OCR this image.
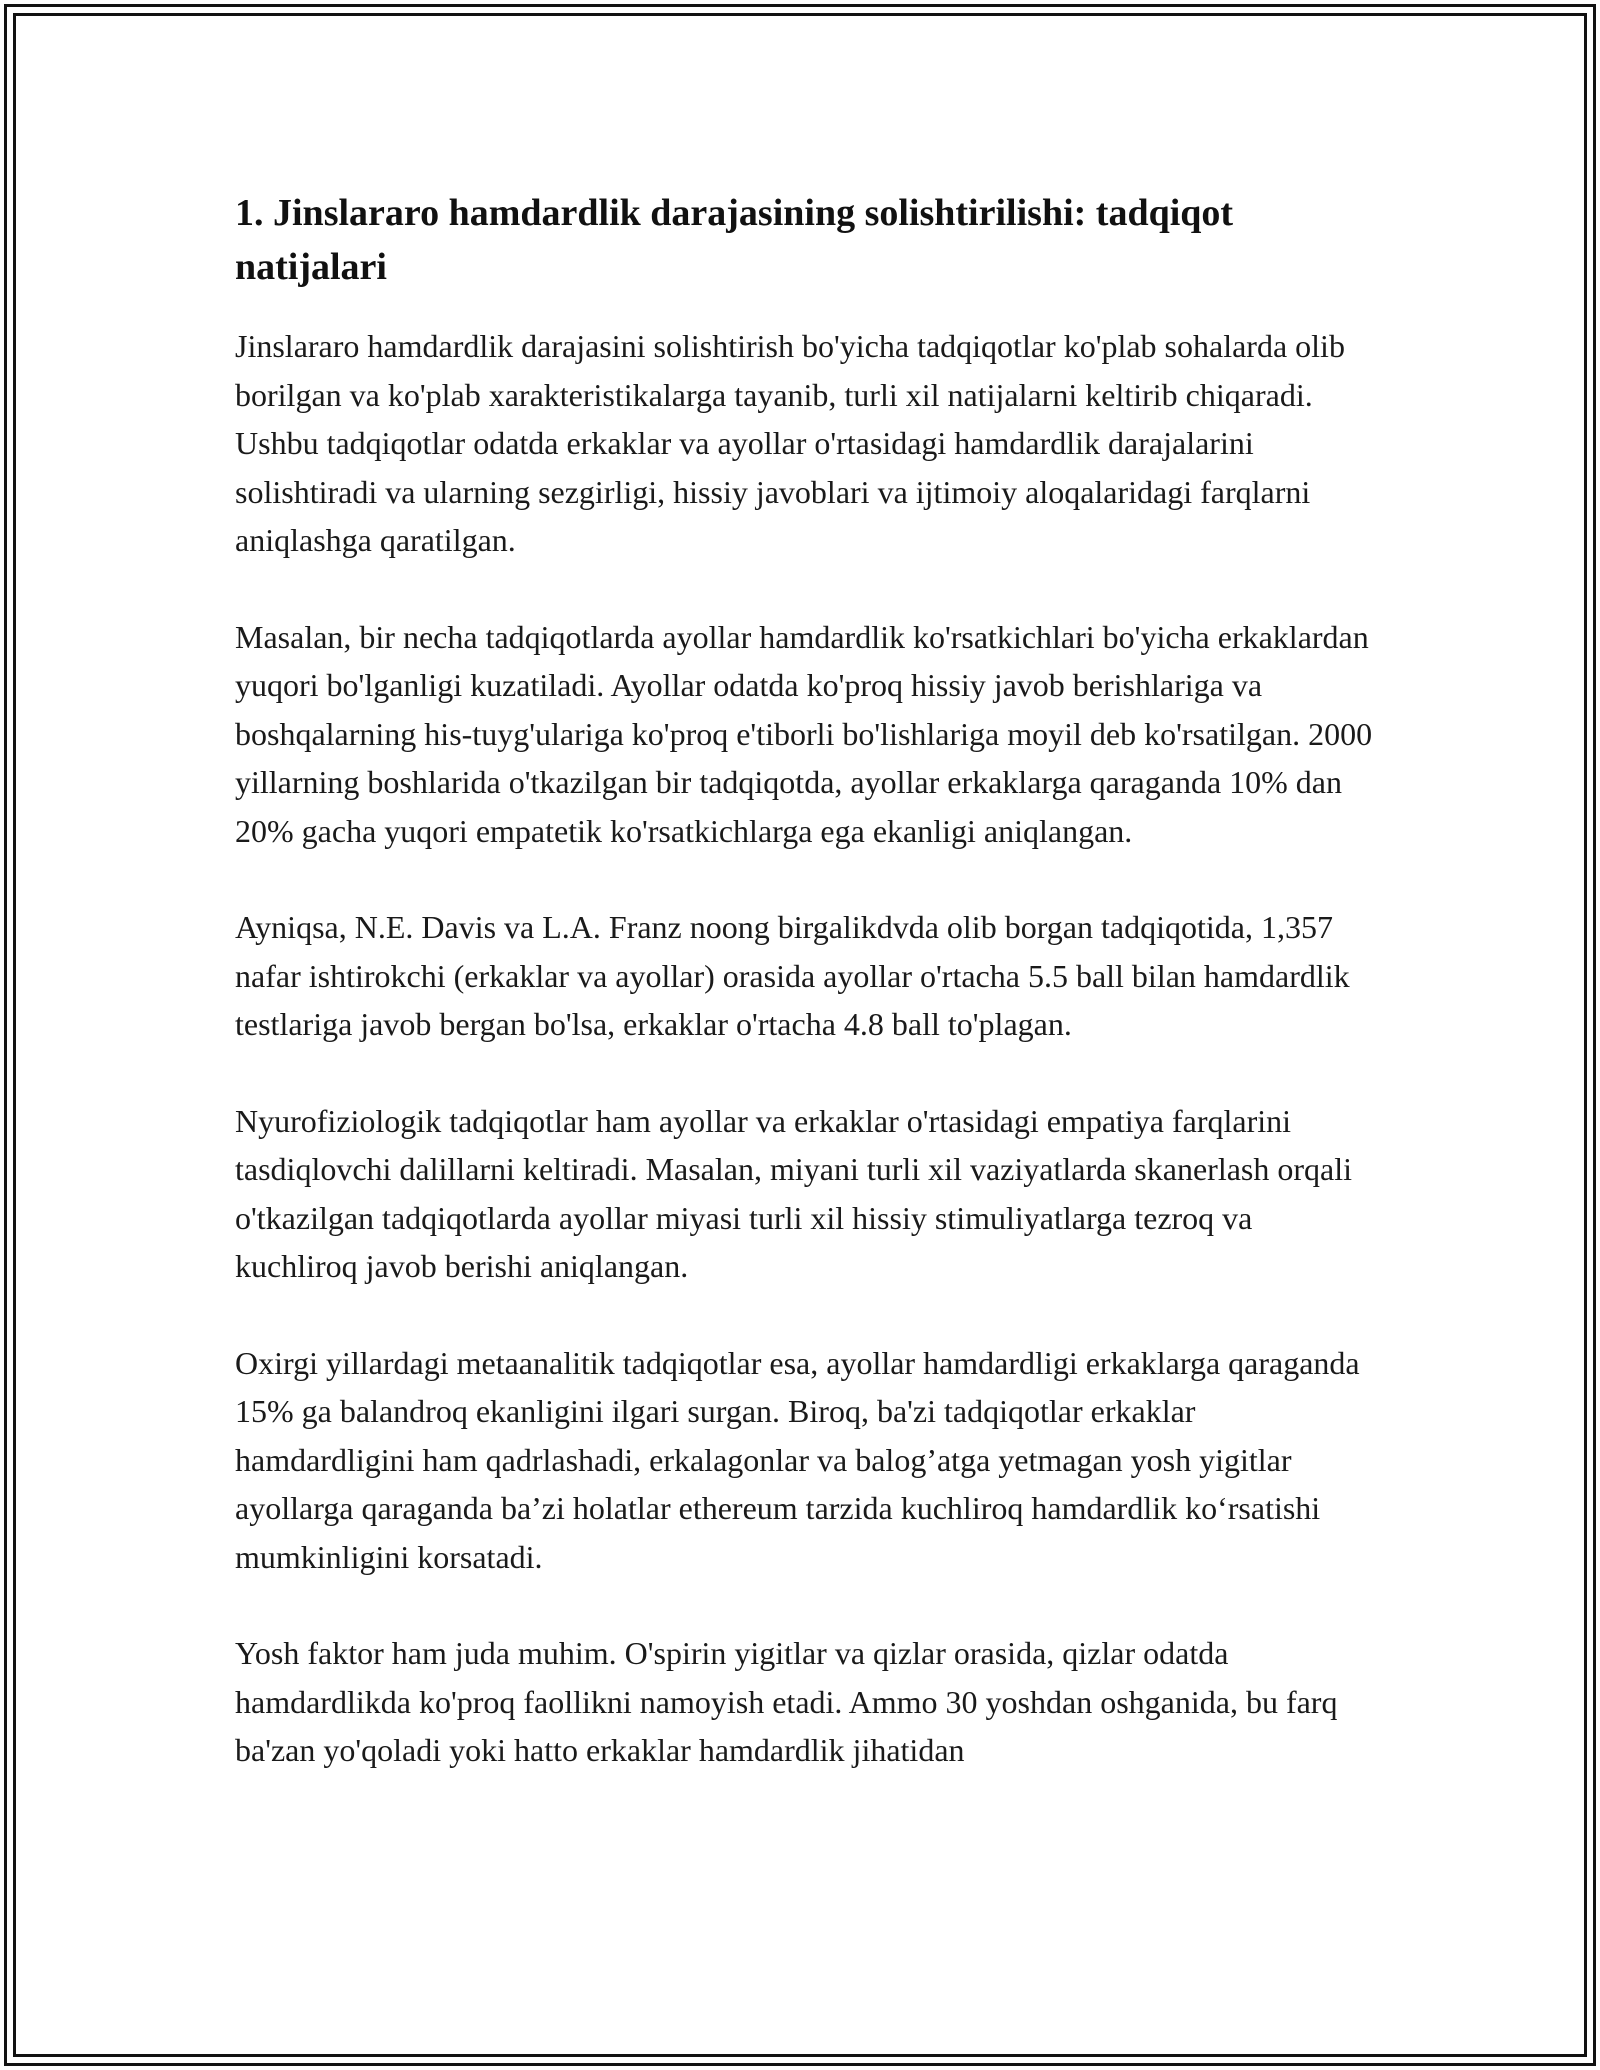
1. Jinslararo hamdardlik darajasining solishtirilishi: tadqiqot natijalari

Jinslararo hamdardlik darajasini solishtirish bo'yicha tadqiqotlar ko'plab sohalarda olib borilgan va ko'plab xarakteristikalarga tayanib, turli xil natijalarni keltirib chiqaradi. Ushbu tadqiqotlar odatda erkaklar va ayollar o'rtasidagi hamdardlik darajalarini solishtiradi va ularning sezgirligi, hissiy javoblari va ijtimoiy aloqalaridagi farqlarni aniqlashga qaratilgan.

Masalan, bir necha tadqiqotlarda ayollar hamdardlik ko'rsatkichlari bo'yicha erkaklardan yuqori bo'lganligi kuzatiladi. Ayollar odatda ko'proq hissiy javob berishlariga va boshqalarning his-tuyg'ulariga ko'proq e'tiborli bo'lishlariga moyil deb ko'rsatilgan. 2000 yillarning boshlarida o'tkazilgan bir tadqiqotda, ayollar erkaklarga qaraganda 10% dan 20% gacha yuqori empatetik ko'rsatkichlarga ega ekanligi aniqlangan.

Ayniqsa, N.E. Davis va L.A. Franz noong birgalikdvda olib borgan tadqiqotida, 1,357 nafar ishtirokchi (erkaklar va ayollar) orasida ayollar o'rtacha 5.5 ball bilan hamdardlik testlariga javob bergan bo'lsa, erkaklar o'rtacha 4.8 ball to'plagan.

Nyurofiziologik tadqiqotlar ham ayollar va erkaklar o'rtasidagi empatiya farqlarini tasdiqlovchi dalillarni keltiradi. Masalan, miyani turli xil vaziyatlarda skanerlash orqali o'tkazilgan tadqiqotlarda ayollar miyasi turli xil hissiy stimuliyatlarga tezroq va kuchliroq javob berishi aniqlangan.

Oxirgi yillardagi metaanalitik tadqiqotlar esa, ayollar hamdardligi erkaklarga qaraganda 15% ga balandroq ekanligini ilgari surgan. Biroq, ba'zi tadqiqotlar erkaklar hamdardligini ham qadrlashadi, erkalagonlar va balog’atga yetmagan yosh yigitlar ayollarga qaraganda ba’zi holatlar ethereum tarzida kuchliroq hamdardlik ko‘rsatishi mumkinligini korsatadi.

Yosh faktor ham juda muhim. O'spirin yigitlar va qizlar orasida, qizlar odatda hamdardlikda ko'proq faollikni namoyish etadi. Ammo 30 yoshdan oshganida, bu farq ba'zan yo'qoladi yoki hatto erkaklar hamdardlik jihatidan
